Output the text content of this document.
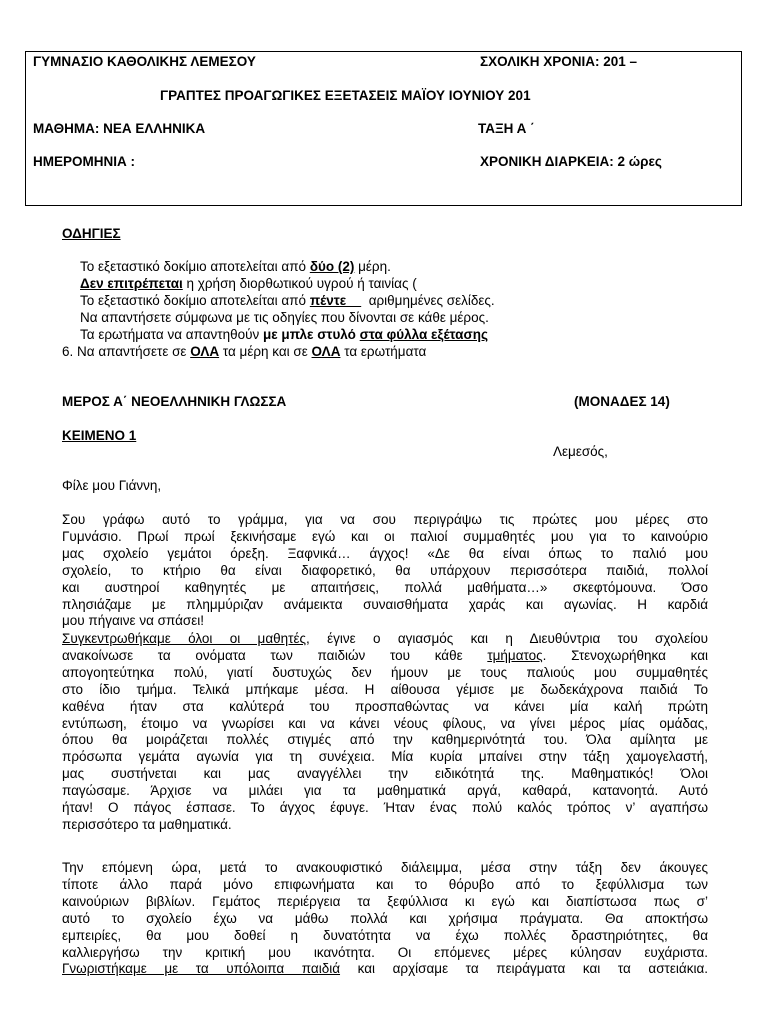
ΓΥΜΝΑΣΙΟ ΚΑΘΟΛΙΚΗΣ ΛΕΜΕΣΟΥ	ΣΧΟΛΙΚΗ ΧΡΟΝΙΑ: 201 –
ΓΡΑΠΤΕΣ ΠΡΟΑΓΩΓΙΚΕΣ ΕΞΕΤΑΣΕΙΣ ΜΑΪΟΥ ΙΟΥΝΙΟΥ 201
ΜΑΘΗΜΑ: ΝΕΑ ΕΛΛΗΝΙΚΑ	ΤΑΞΗ Α ΄
ΗΜΕΡΟΜΗΝΙΑ :	ΧΡΟΝΙΚΗ ΔΙΑΡΚΕΙΑ: 2 ώρες
ΟΔΗΓΙΕΣ
Το εξεταστικό δοκίμιο αποτελείται από δύο (2) μέρη.
Δεν επιτρέπεται η χρήση διορθωτικού υγρού ή ταινίας (
Το εξεταστικό δοκίμιο αποτελείται από πέντε      αριθμημένες σελίδες.
Να απαντήσετε σύμφωνα με τις οδηγίες που δίνονται σε κάθε μέρος.
Τα ερωτήματα να απαντηθούν με μπλε στυλό στα φύλλα εξέτασης
6. Να απαντήσετε σε ΟΛΑ τα μέρη και σε ΟΛΑ τα ερωτήματα
ΜΕΡΟΣ Α΄ ΝΕΟΕΛΛΗΝΙΚΗ ΓΛΩΣΣΑ	(ΜΟΝΑΔΕΣ 14)
ΚΕΙΜΕΝΟ 1
Λεμεσός,
Φίλε μου Γιάννη,
Σου γράφω αυτό το γράμμα, για να σου περιγράψω τις πρώτες μου μέρες στο
Γυμνάσιο. Πρωί πρωί ξεκινήσαμε εγώ και οι παλιοί συμμαθητές μου για το καινούριο
μας σχολείο γεμάτοι όρεξη. Ξαφνικά… άγχος! «Δε θα είναι όπως το παλιό μου
σχολείο, το κτήριο θα είναι διαφορετικό, θα υπάρχουν περισσότερα παιδιά, πολλοί
και αυστηροί καθηγητές με απαιτήσεις, πολλά μαθήματα…» σκεφτόμουνα. Όσο
πλησιάζαμε με πλημμύριζαν ανάμεικτα συναισθήματα χαράς και αγωνίας. Η καρδιά
μου πήγαινε να σπάσει!
Συγκεντρωθήκαμε όλοι οι μαθητές, έγινε ο αγιασμός και η Διευθύντρια του σχολείου
ανακοίνωσε τα ονόματα των παιδιών του κάθε τμήματος. Στενοχωρήθηκα και
απογοητεύτηκα πολύ, γιατί δυστυχώς δεν ήμουν με τους παλιούς μου συμμαθητές
στο ίδιο τμήμα. Τελικά μπήκαμε μέσα. Η αίθουσα γέμισε με δωδεκάχρονα παιδιά Το
καθένα ήταν στα καλύτερά του προσπαθώντας να κάνει μία καλή πρώτη
εντύπωση, έτοιμο να γνωρίσει και να κάνει νέους φίλους, να γίνει μέρος μίας ομάδας,
όπου θα μοιράζεται πολλές στιγμές από την καθημερινότητά του. Όλα αμίλητα με
πρόσωπα γεμάτα αγωνία για τη συνέχεια. Μία κυρία μπαίνει στην τάξη χαμογελαστή,
μας συστήνεται και μας αναγγέλλει την ειδικότητά της. Μαθηματικός! Όλοι
παγώσαμε. Άρχισε να μιλάει για τα μαθηματικά αργά, καθαρά, κατανοητά. Αυτό
ήταν! Ο πάγος έσπασε. Το άγχος έφυγε. Ήταν ένας πολύ καλός τρόπος ν’ αγαπήσω
περισσότερο τα μαθηματικά.
Την επόμενη ώρα, μετά το ανακουφιστικό διάλειμμα, μέσα στην τάξη δεν άκουγες
τίποτε άλλο παρά μόνο επιφωνήματα και το θόρυβο από το ξεφύλλισμα των
καινούριων βιβλίων. Γεμάτος περιέργεια τα ξεφύλλισα κι εγώ και διαπίστωσα πως σ’
αυτό το σχολείο έχω να μάθω πολλά και χρήσιμα πράγματα. Θα αποκτήσω
εμπειρίες, θα μου δοθεί η δυνατότητα να έχω πολλές δραστηριότητες, θα
καλλιεργήσω την κριτική μου ικανότητα. Οι επόμενες μέρες κύλησαν ευχάριστα.
Γνωριστήκαμε με τα υπόλοιπα παιδιά και αρχίσαμε τα πειράγματα και τα αστειάκια.
